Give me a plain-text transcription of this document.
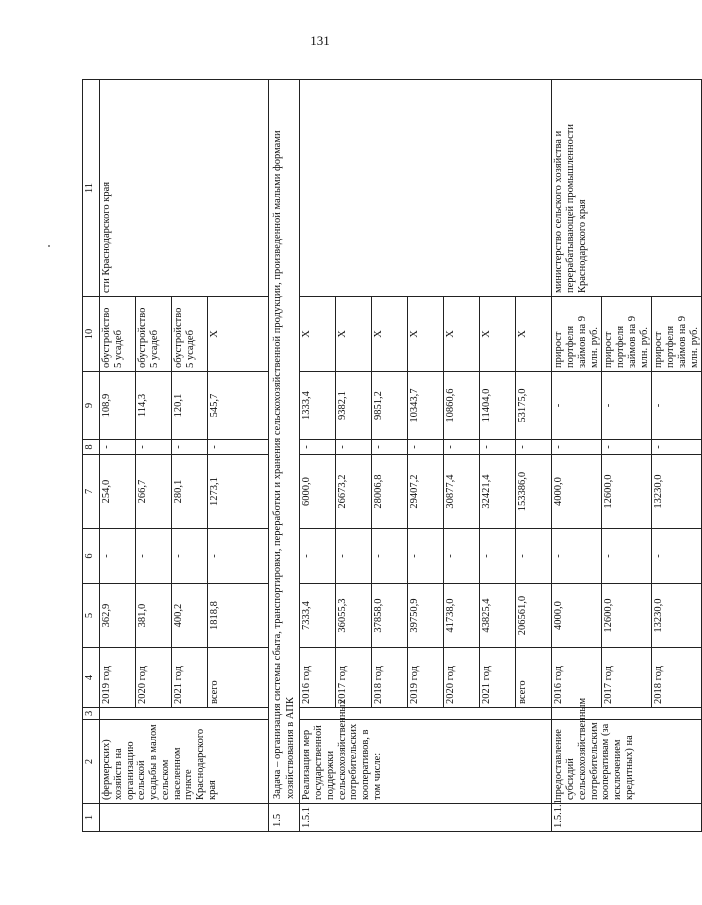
131
1	2	3	4	5	6	7	8	9	10	11
	(фермерских) хозяйств на организацию сельской усадьбы в малом сельском населенном пункте Краснодарского края		2019 год	362,9	-	254,0	-	108,9	обустройство 5 усадеб	сти Краснодарского края
			2020 год	381,0	-	266,7	-	114,3	обустройство 5 усадеб	
			2021 год	400,2	-	280,1	-	120,1	обустройство 5 усадеб	
			всего	1818,8	-	1273,1	-	545,7	X	
1.5	Задача – организация системы сбыта, транспортировки, переработки и хранения сельскохозяйственной продукции, произведенной малыми формами хозяйствования в АПК									
1.5.1	Реализация мер государственной поддержки сельскохозяйственных потребительских кооперативов, в том числе:		2016 год	7333,4	-	6000,0	-	1333,4	X	
			2017 год	36055,3	-	26673,2	-	9382,1	X	
			2018 год	37858,0	-	28006,8	-	9851,2	X	
			2019 год	39750,9	-	29407,2	-	10343,7	X	
			2020 год	41738,0	-	30877,4	-	10860,6	X	
			2021 год	43825,4	-	32421,4	-	11404,0	X	
			всего	206561,0	-	153386,0	-	53175,0	X	
1.5.1.1	предоставление субсидий сельскохозяйственным потребительским кооперативам (за исключением кредитных) на		2016 год	4000,0	-	4000,0	-	-	прирост портфеля займов на 9 млн. руб.	министерство сельского хозяйства и перерабатывающей промышленности Краснодарского края
			2017 год	12600,0	-	12600,0	-	-	прирост портфеля займов на 9 млн. руб.	
			2018 год	13230,0	-	13230,0	-	-	прирост портфеля займов на 9 млн. руб.	
